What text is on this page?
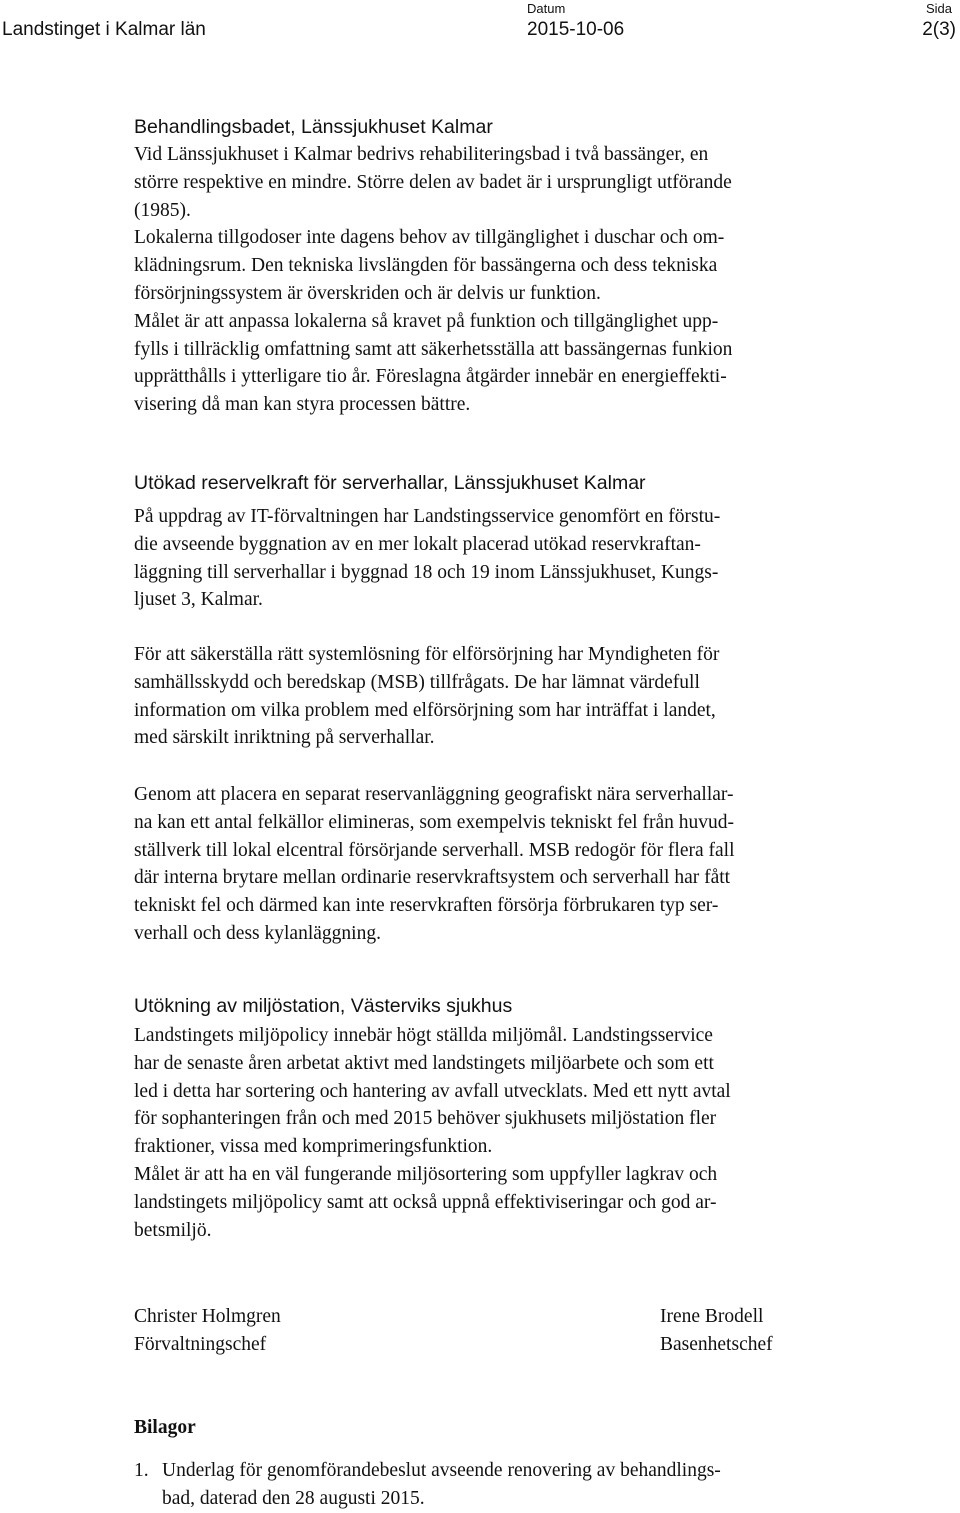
Landstinget i Kalmar län
Datum
2015-10-06
Sida
2(3)
Behandlingsbadet, Länssjukhuset Kalmar
Vid Länssjukhuset i Kalmar bedrivs rehabiliteringsbad i två bassänger, en
större respektive en mindre. Större delen av badet är i ursprungligt utförande
(1985).
Lokalerna tillgodoser inte dagens behov av tillgänglighet i duschar och om-
klädningsrum. Den tekniska livslängden för bassängerna och dess tekniska
försörjningssystem är överskriden och är delvis ur funktion.
Målet är att anpassa lokalerna så kravet på funktion och tillgänglighet upp-
fylls i tillräcklig omfattning samt att säkerhetsställa att bassängernas funkion
upprätthålls i ytterligare tio år. Föreslagna åtgärder innebär en energieffekti-
visering då man kan styra processen bättre.
Utökad reservelkraft för serverhallar, Länssjukhuset Kalmar
På uppdrag av IT-förvaltningen har Landstingsservice genomfört en förstu-
die avseende byggnation av en mer lokalt placerad utökad reservkraftan-
läggning till serverhallar i byggnad 18 och 19 inom Länssjukhuset, Kungs-
ljuset 3, Kalmar.
För att säkerställa rätt systemlösning för elförsörjning har Myndigheten för
samhällsskydd och beredskap (MSB) tillfrågats. De har lämnat värdefull
information om vilka problem med elförsörjning som har inträffat i landet,
med särskilt inriktning på serverhallar.
Genom att placera en separat reservanläggning geografiskt nära serverhallar-
na kan ett antal felkällor elimineras, som exempelvis tekniskt fel från huvud-
ställverk till lokal elcentral försörjande serverhall. MSB redogör för flera fall
där interna brytare mellan ordinarie reservkraftsystem och serverhall har fått
tekniskt fel och därmed kan inte reservkraften försörja förbrukaren typ ser-
verhall och dess kylanläggning.
Utökning av miljöstation, Västerviks sjukhus
Landstingets miljöpolicy innebär högt ställda miljömål. Landstingsservice
har de senaste åren arbetat aktivt med landstingets miljöarbete och som ett
led i detta har sortering och hantering av avfall utvecklats. Med ett nytt avtal
för sophanteringen från och med 2015 behöver sjukhusets miljöstation fler
fraktioner, vissa med komprimeringsfunktion.
Målet är att ha en väl fungerande miljösortering som uppfyller lagkrav och
landstingets miljöpolicy samt att också uppnå effektiviseringar och god ar-
betsmiljö.
Christer Holmgren
Förvaltningschef
Irene Brodell
Basenhetschef
Bilagor
1. Underlag för genomförandebeslut avseende renovering av behandlings-
bad, daterad den 28 augusti 2015.
